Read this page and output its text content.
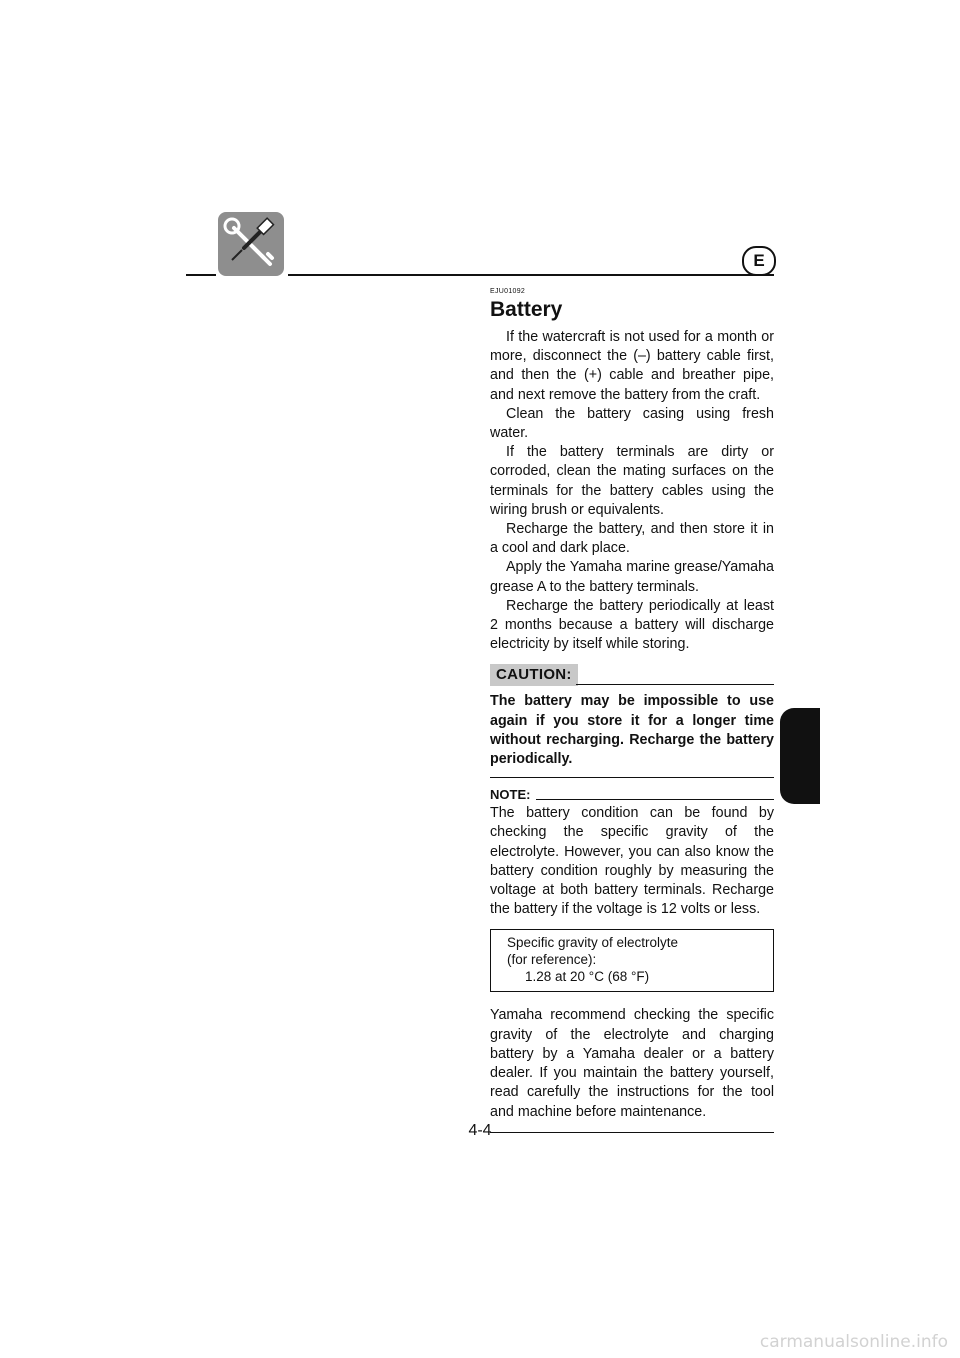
E
EJU01092
Battery

If the watercraft is not used for a month or more, disconnect the (–) battery cable first, and then the (+) cable and breather pipe, and next remove the battery from the craft.

Clean the battery casing using fresh water.

If the battery terminals are dirty or corroded, clean the mating surfaces on the terminals for the battery cables using the wiring brush or equivalents.

Recharge the battery, and then store it in a cool and dark place.

Apply the Yamaha marine grease/Yamaha grease A to the battery terminals.

Recharge the battery periodically at least 2 months because a battery will discharge electricity by itself while storing.

CAUTION:

The battery may be impossible to use again if you store it for a longer time without recharging. Recharge the battery periodically.

NOTE:

The battery condition can be found by checking the specific gravity of the electrolyte. However, you can also know the battery condition roughly by measuring the voltage at both battery terminals. Recharge the battery if the voltage is 12 volts or less.

Specific gravity of electrolyte
(for reference):
1.28 at 20 °C (68 °F)

Yamaha recommend checking the specific gravity of the electrolyte and charging battery by a Yamaha dealer or a battery dealer. If you maintain the battery yourself, read carefully the instructions for the tool and machine before maintenance.

4-4
carmanualsonline.info
